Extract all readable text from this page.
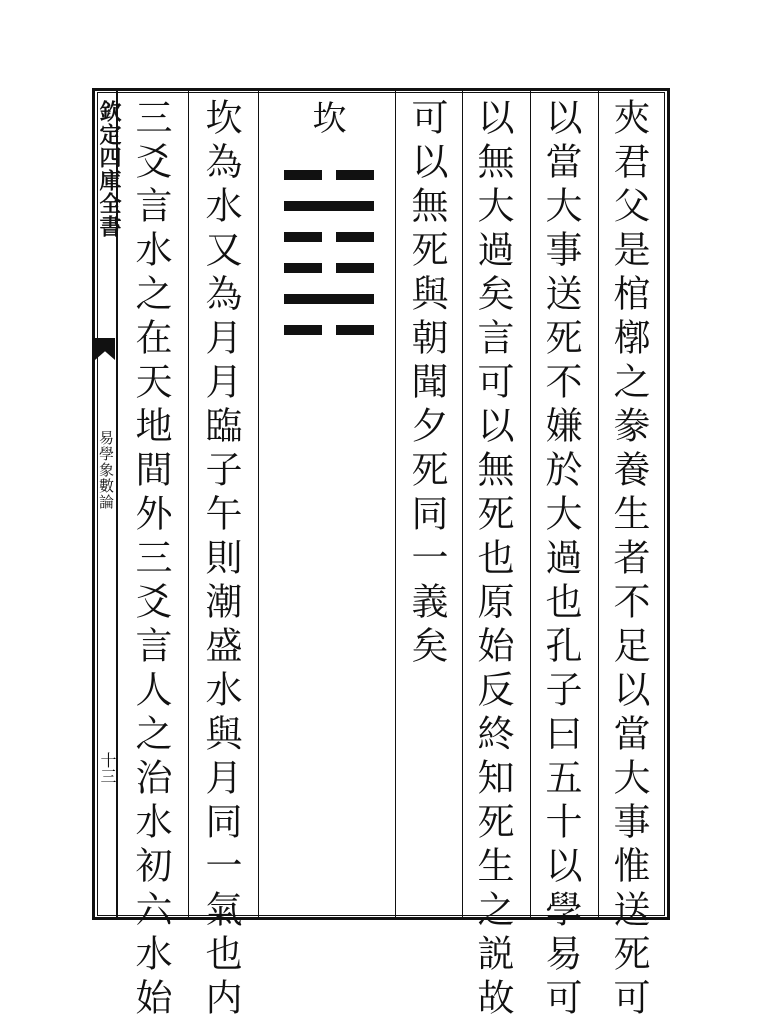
欽定四庫全書
易學象數論
十三	夾君父是棺槨之豢養生者不足以當大事惟送死可
以當大事送死不嫌於大過也孔子曰五十以學易可
以無大過矣言可以無死也原始反終知死生之説故
可以無死與朝聞夕死同一義矣
坎
坎為水又為月月臨子午則潮盛水與月同一氣也内
三爻言水之在天地間外三爻言人之治水初六水始
